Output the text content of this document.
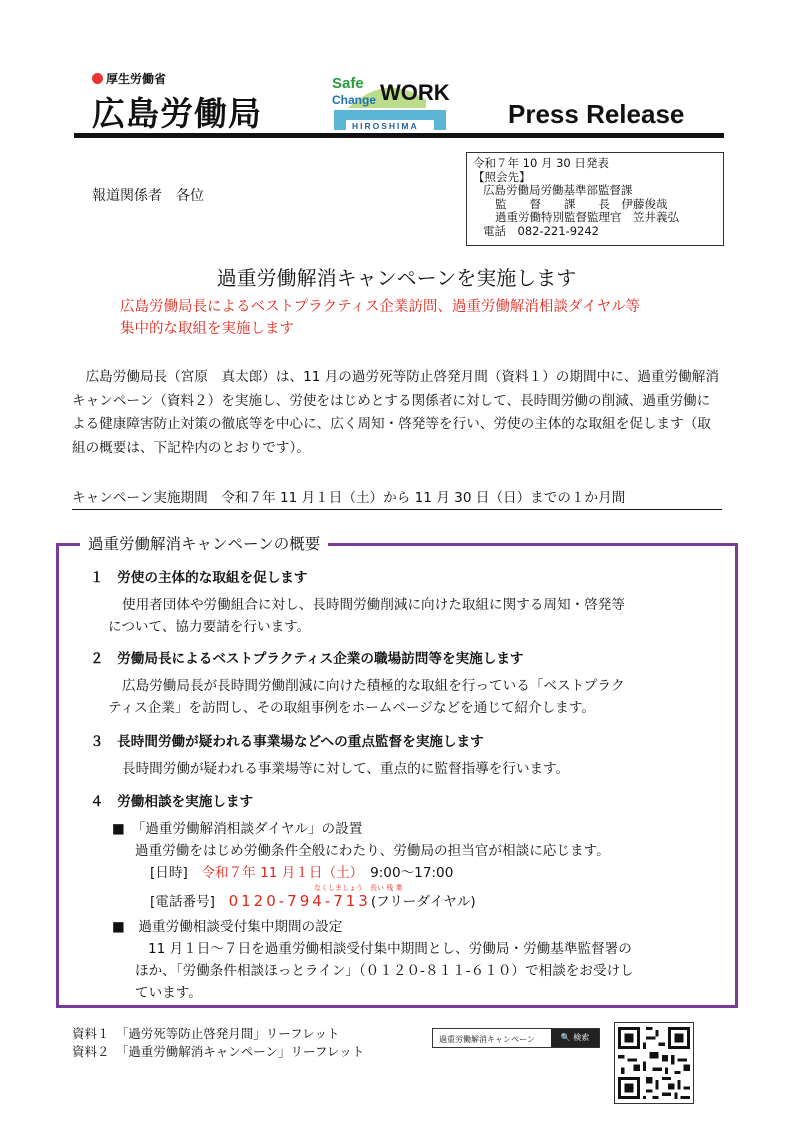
厚生労働省
広島労働局
Safe
Change WORK
HIROSHIMA	Press Release
報道関係者　各位
令和７年 10 月 30 日発表
【照会先】
広島労働局労働基準部監督課
監　　督　　課　　長　 伊藤俊哉
過重労働特別監督監理官　 笠井義弘
電話　082-221-9242
過重労働解消キャンペーンを実施します
広島労働局長によるベストプラクティス企業訪問、過重労働解消相談ダイヤル等
集中的な取組を実施します
　広島労働局長（宮原　真太郎）は、11 月の過労死等防止啓発月間（資料１）の期間中に、過重労働解消キャンペーン（資料２）を実施し、労使をはじめとする関係者に対して、長時間労働の削減、過重労働による健康障害防止対策の徹底等を中心に、広く周知・啓発等を行い、労使の主体的な取組を促します（取組の概要は、下記枠内のとおりです）。
キャンペーン実施期間　令和７年 11 月１日（土）から 11 月 30 日（日）までの１か月間
過重労働解消キャンペーンの概要
１　労使の主体的な取組を促します
使用者団体や労働組合に対し、長時間労働削減に向けた取組に関する周知・啓発等
について、協力要請を行います。
２　労働局長によるベストプラクティス企業の職場訪問等を実施します
広島労働局長が長時間労働削減に向けた積極的な取組を行っている「ベストプラク
ティス企業」を訪問し、その取組事例をホームページなどを通じて紹介します。
３　長時間労働が疑われる事業場などへの重点監督を実施します
長時間労働が疑われる事業場等に対して、重点的に監督指導を行います。
４　労働相談を実施します
■　「過重労働解消相談ダイヤル」の設置
過重労働をはじめ労働条件全般にわたり、労働局の担当官が相談に応じます。
[日時]　 令和７年 11 月１日（土）　 9:00～17:00
なくしましょう　長い 残 業
[電話番号]　 0120-794-713(フリーダイヤル)
■　過重労働相談受付集中期間の設定
11 月１日～７日を過重労働相談受付集中期間とし、労働局・労働基準監督署の
ほか、「労働条件相談ほっとライン」（０１２０-８１１-６１０）で相談をお受けし
ています。
資料１　「過労死等防止啓発月間」リーフレット
資料２　「過重労働解消キャンペーン」リーフレット
過重労働解消キャンペーン	🔍 検索
